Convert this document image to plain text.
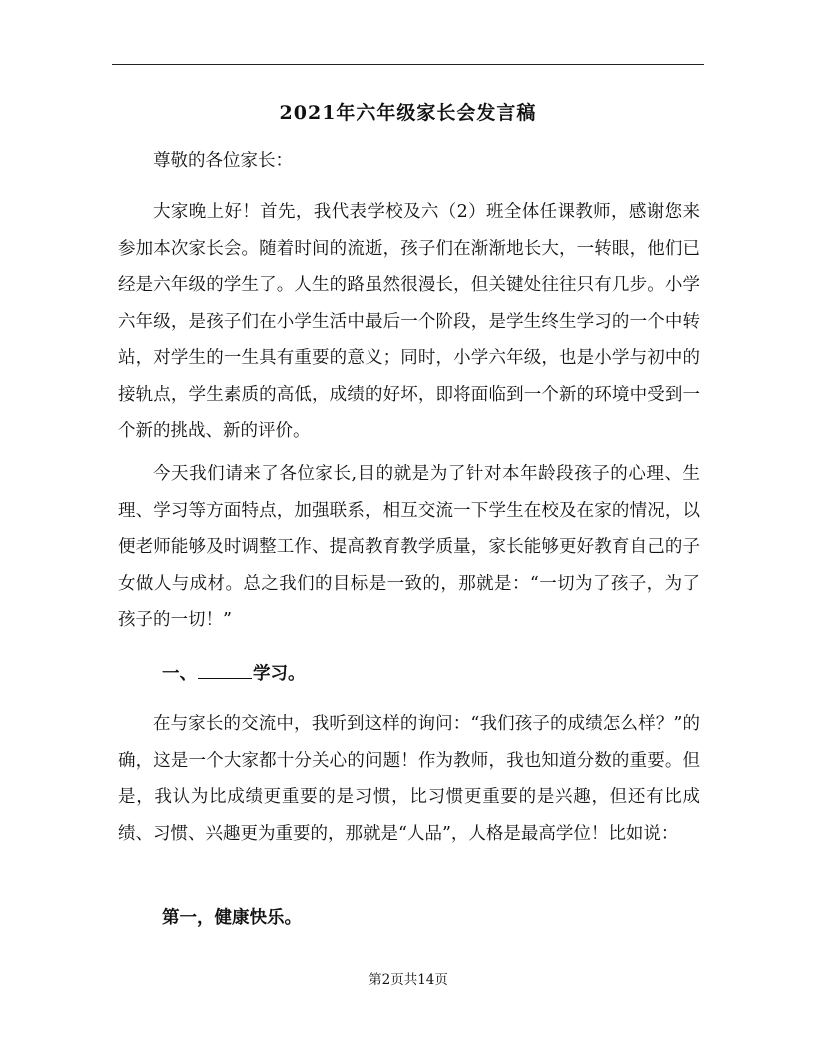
2021年六年级家长会发言稿

尊敬的各位家长：

大家晚上好！首先，我代表学校及六（2）班全体任课教师，感谢您来参加本次家长会。随着时间的流逝，孩子们在渐渐地长大，一转眼，他们已经是六年级的学生了。人生的路虽然很漫长，但关键处往往只有几步。小学六年级，是孩子们在小学生活中最后一个阶段，是学生终生学习的一个中转站，对学生的一生具有重要的意义；同时，小学六年级，也是小学与初中的接轨点，学生素质的高低，成绩的好坏，即将面临到一个新的环境中受到一个新的挑战、新的评价。

今天我们请来了各位家长,目的就是为了针对本年龄段孩子的心理、生理、学习等方面特点，加强联系，相互交流一下学生在校及在家的情况，以便老师能够及时调整工作、提高教育教学质量，家长能够更好教育自己的子女做人与成材。总之我们的目标是一致的，那就是：“一切为了孩子，为了孩子的一切！”

一、	学习。

在与家长的交流中，我听到这样的询问：“我们孩子的成绩怎么样？”的确，这是一个大家都十分关心的问题！作为教师，我也知道分数的重要。但是，我认为比成绩更重要的是习惯，比习惯更重要的是兴趣，但还有比成绩、习惯、兴趣更为重要的，那就是“人品”，人格是最高学位！比如说：

第一，健康快乐。
第2页共14页
